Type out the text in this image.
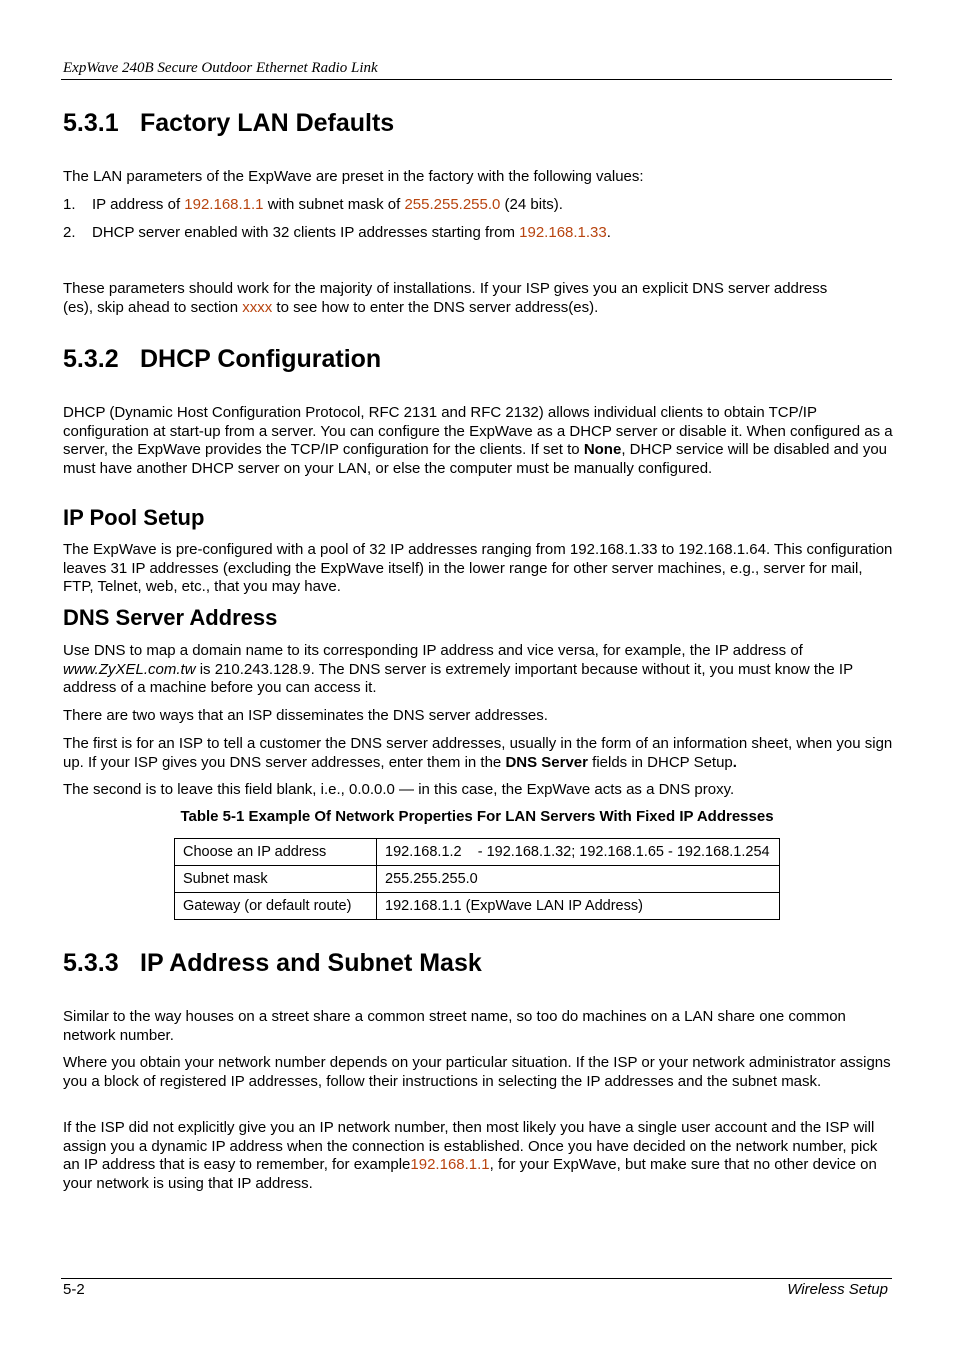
ExpWave 240B Secure Outdoor Ethernet Radio Link
5.3.1 Factory LAN Defaults

The LAN parameters of the ExpWave are preset in the factory with the following values:

1. IP address of 192.168.1.1 with subnet mask of 255.255.255.0 (24 bits).
2. DHCP server enabled with 32 clients IP addresses starting from 192.168.1.33.

These parameters should work for the majority of installations. If your ISP gives you an explicit DNS server address
(es), skip ahead to section xxxx to see how to enter the DNS server address(es).

5.3.2 DHCP Configuration

DHCP (Dynamic Host Configuration Protocol, RFC 2131 and RFC 2132) allows individual clients to obtain TCP/IP configuration at start-up from a server. You can configure the ExpWave as a DHCP server or disable it. When configured as a server, the ExpWave provides the TCP/IP configuration for the clients. If set to None, DHCP service will be disabled and you must have another DHCP server on your LAN, or else the computer must be manually configured.

IP Pool Setup

The ExpWave is pre-configured with a pool of 32 IP addresses ranging from 192.168.1.33 to 192.168.1.64. This configuration leaves 31 IP addresses (excluding the ExpWave itself) in the lower range for other server machines, e.g., server for mail, FTP, Telnet, web, etc., that you may have.

DNS Server Address

Use DNS to map a domain name to its corresponding IP address and vice versa, for example, the IP address of www.ZyXEL.com.tw is 210.243.128.9. The DNS server is extremely important because without it, you must know the IP address of a machine before you can access it.

There are two ways that an ISP disseminates the DNS server addresses.

The first is for an ISP to tell a customer the DNS server addresses, usually in the form of an information sheet, when you sign up. If your ISP gives you DNS server addresses, enter them in the DNS Server fields in DHCP Setup.

The second is to leave this field blank, i.e., 0.0.0.0 — in this case, the ExpWave acts as a DNS proxy.

Table 5-1 Example Of Network Properties For LAN Servers With Fixed IP Addresses
Choose an IP address	192.168.1.2    - 192.168.1.32; 192.168.1.65 - 192.168.1.254
Subnet mask	255.255.255.0
Gateway (or default route)	192.168.1.1 (ExpWave LAN IP Address)
5.3.3 IP Address and Subnet Mask

Similar to the way houses on a street share a common street name, so too do machines on a LAN share one common network number.

Where you obtain your network number depends on your particular situation. If the ISP or your network administrator assigns you a block of registered IP addresses, follow their instructions in selecting the IP addresses and the subnet mask.

If the ISP did not explicitly give you an IP network number, then most likely you have a single user account and the ISP will assign you a dynamic IP address when the connection is established. Once you have decided on the network number, pick an IP address that is easy to remember, for example192.168.1.1, for your ExpWave, but make sure that no other device on your network is using that IP address.

5-2	Wireless Setup
